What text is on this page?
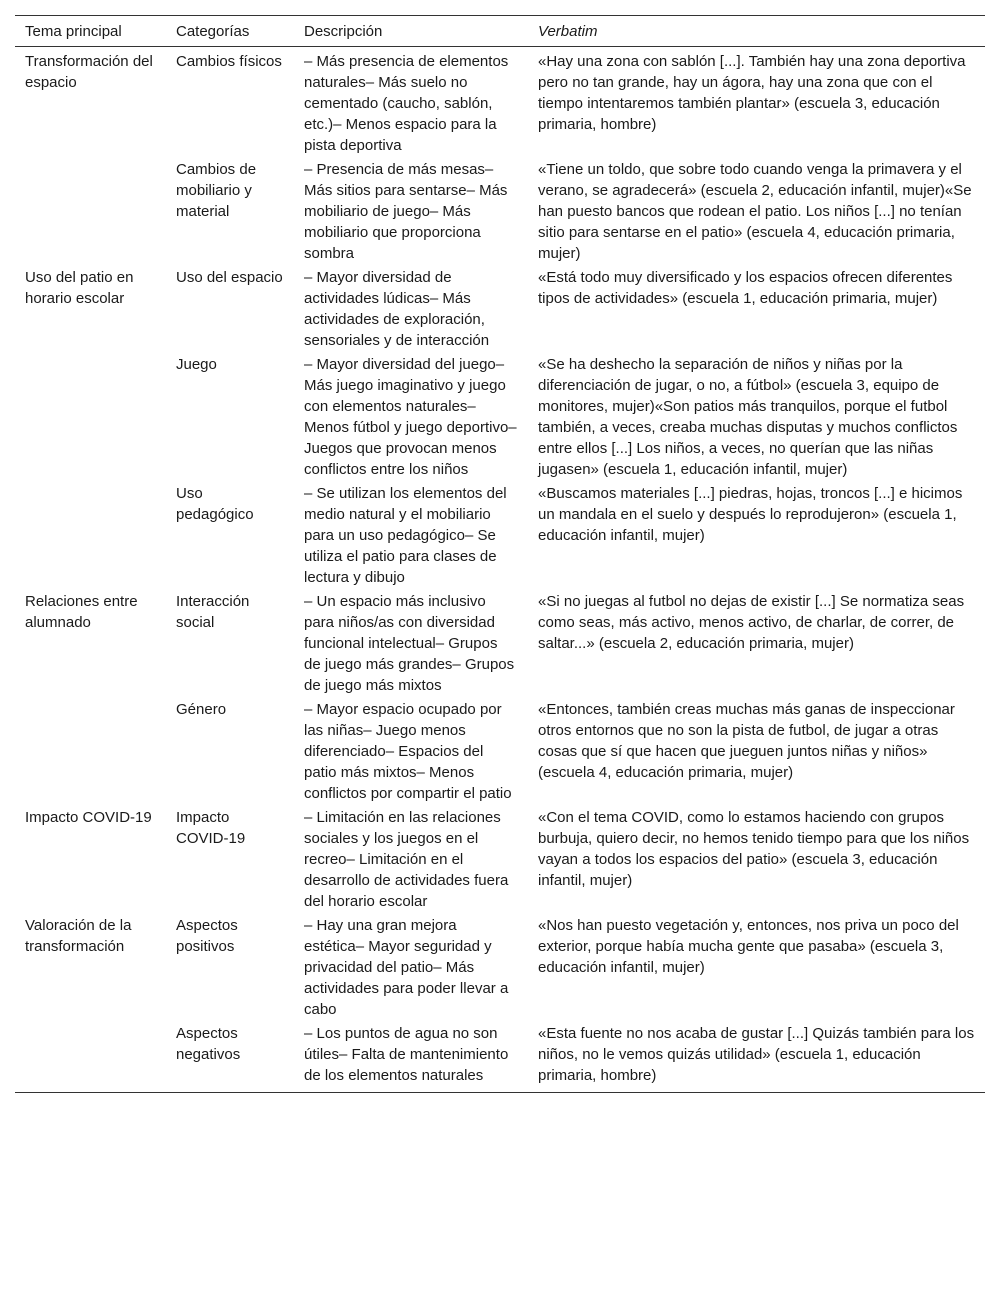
Tema principal	Categorías	Descripción	Verbatim
Transformación del espacio	Cambios físicos	– Más presencia de elementos naturales– Más suelo no cementado (caucho, sablón, etc.)– Menos espacio para la pista deportiva	«Hay una zona con sablón [...]. También hay una zona deportiva pero no tan grande, hay un ágora, hay una zona que con el tiempo intentaremos también plantar» (escuela 3, educación primaria, hombre)
	Cambios de mobiliario y material	– Presencia de más mesas– Más sitios para sentarse– Más mobiliario de juego– Más mobiliario que proporciona sombra	«Tiene un toldo, que sobre todo cuando venga la primavera y el verano, se agradecerá» (escuela 2, educación infantil, mujer)«Se han puesto bancos que rodean el patio. Los niños [...] no tenían sitio para sentarse en el patio» (escuela 4, educación primaria, mujer)
Uso del patio en horario escolar	Uso del espacio	– Mayor diversidad de actividades lúdicas– Más actividades de exploración, sensoriales y de interacción	«Está todo muy diversificado y los espacios ofrecen diferentes tipos de actividades» (escuela 1, educación primaria, mujer)
	Juego	– Mayor diversidad del juego– Más juego imaginativo y juego con elementos naturales– Menos fútbol y juego deportivo– Juegos que provocan menos conflictos entre los niños	«Se ha deshecho la separación de niños y niñas por la diferenciación de jugar, o no, a fútbol» (escuela 3, equipo de monitores, mujer)«Son patios más tranquilos, porque el futbol también, a veces, creaba muchas disputas y muchos conflictos entre ellos [...] Los niños, a veces, no querían que las niñas jugasen» (escuela 1, educación infantil, mujer)
	Uso pedagógico	– Se utilizan los elementos del medio natural y el mobiliario para un uso pedagógico– Se utiliza el patio para clases de lectura y dibujo	«Buscamos materiales [...] piedras, hojas, troncos [...] e hicimos un mandala en el suelo y después lo reprodujeron» (escuela 1, educación infantil, mujer)
Relaciones entre alumnado	Interacción social	– Un espacio más inclusivo para niños/as con diversidad funcional intelectual– Grupos de juego más grandes– Grupos de juego más mixtos	«Si no juegas al futbol no dejas de existir [...] Se normatiza seas como seas, más activo, menos activo, de charlar, de correr, de saltar...» (escuela 2, educación primaria, mujer)
	Género	– Mayor espacio ocupado por las niñas– Juego menos diferenciado– Espacios del patio más mixtos– Menos conflictos por compartir el patio	«Entonces, también creas muchas más ganas de inspeccionar otros entornos que no son la pista de futbol, de jugar a otras cosas que sí que hacen que jueguen juntos niñas y niños» (escuela 4, educación primaria, mujer)
Impacto COVID-19	Impacto COVID-19	– Limitación en las relaciones sociales y los juegos en el recreo– Limitación en el desarrollo de actividades fuera del horario escolar	«Con el tema COVID, como lo estamos haciendo con grupos burbuja, quiero decir, no hemos tenido tiempo para que los niños vayan a todos los espacios del patio» (escuela 3, educación infantil, mujer)
Valoración de la transformación	Aspectos positivos	– Hay una gran mejora estética– Mayor seguridad y privacidad del patio– Más actividades para poder llevar a cabo	«Nos han puesto vegetación y, entonces, nos priva un poco del exterior, porque había mucha gente que pasaba» (escuela 3, educación infantil, mujer)
	Aspectos negativos	– Los puntos de agua no son útiles– Falta de mantenimiento de los elementos naturales	«Esta fuente no nos acaba de gustar [...] Quizás también para los niños, no le vemos quizás utilidad» (escuela 1, educación primaria, hombre)
